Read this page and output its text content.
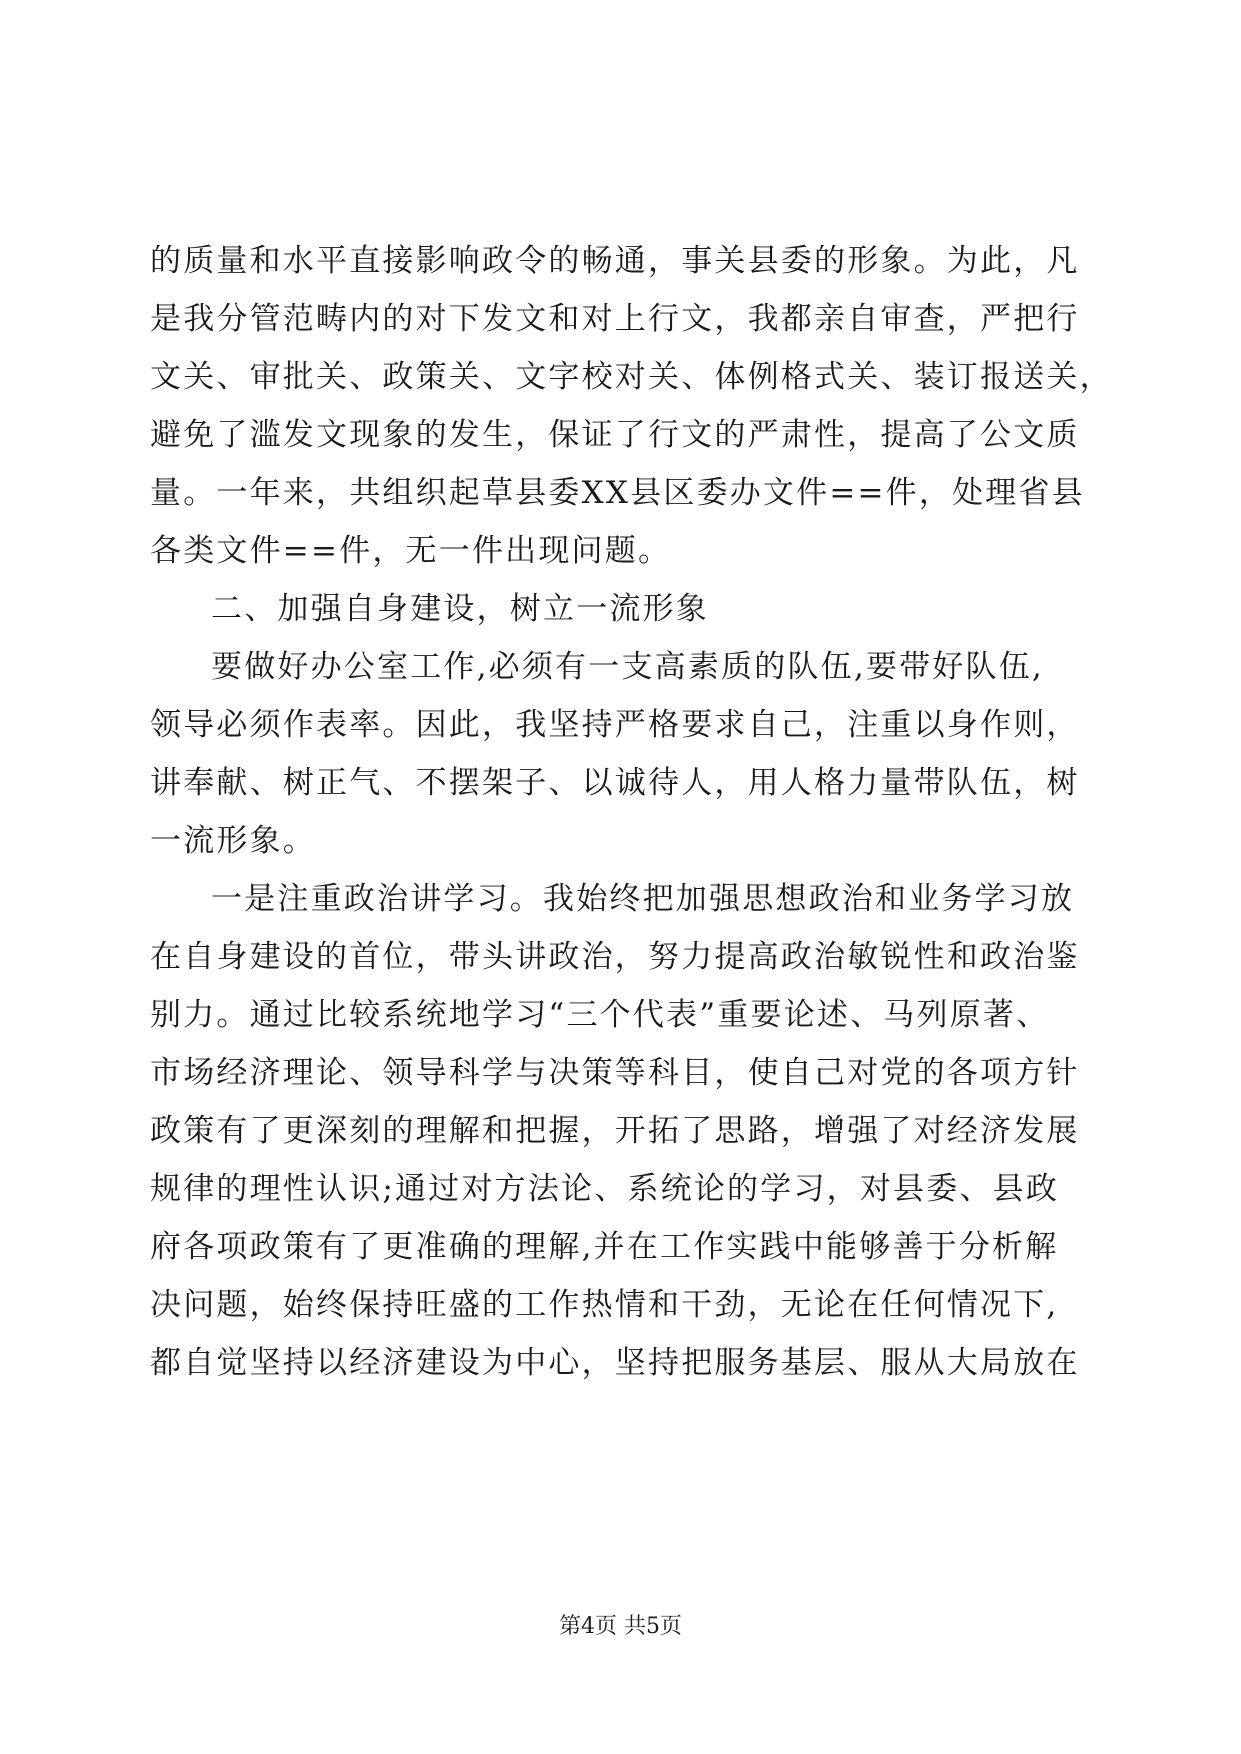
的质量和水平直接影响政令的畅通，事关县委的形象。为此，凡
是我分管范畴内的对下发文和对上行文，我都亲自审查，严把行
文关、审批关、政策关、文字校对关、体例格式关、装订报送关，
避免了滥发文现象的发生，保证了行文的严肃性，提高了公文质
量。一年来，共组织起草县委XX县区委办文件==件，处理省县
各类文件==件，无一件出现问题。
二、加强自身建设，树立一流形象
要做好办公室工作,必须有一支高素质的队伍,要带好队伍,
领导必须作表率。因此，我坚持严格要求自己，注重以身作则，
讲奉献、树正气、不摆架子、以诚待人，用人格力量带队伍，树
一流形象。
一是注重政治讲学习。我始终把加强思想政治和业务学习放
在自身建设的首位，带头讲政治，努力提高政治敏锐性和政治鉴
别力。通过比较系统地学习“三个代表”重要论述、马列原著、
市场经济理论、领导科学与决策等科目，使自己对党的各项方针
政策有了更深刻的理解和把握，开拓了思路，增强了对经济发展
规律的理性认识;通过对方法论、系统论的学习，对县委、县政
府各项政策有了更准确的理解,并在工作实践中能够善于分析解
决问题，始终保持旺盛的工作热情和干劲，无论在任何情况下,
都自觉坚持以经济建设为中心，坚持把服务基层、服从大局放在
第4页 共5页
